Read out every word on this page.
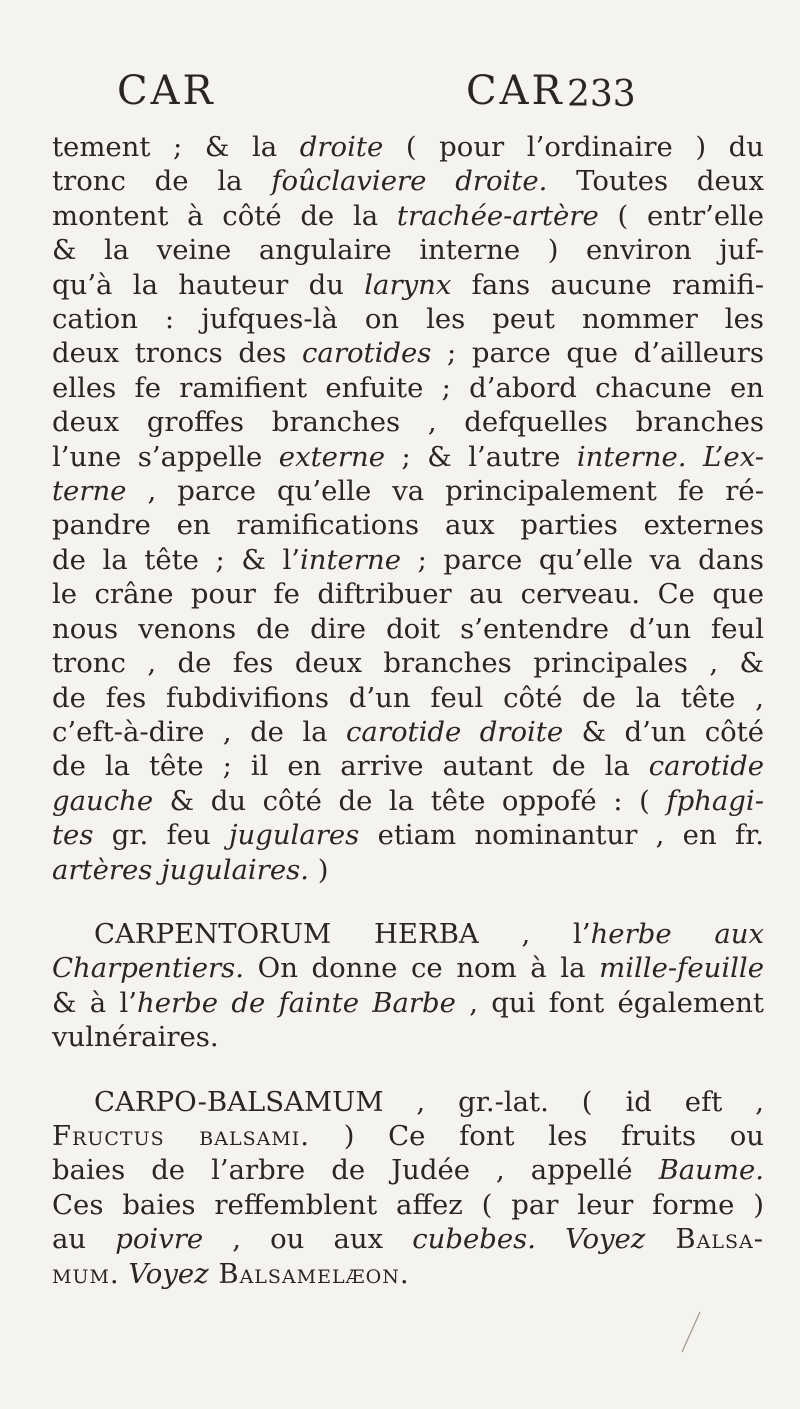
CAR	CAR 233
tement ; & la droite ( pour l’ordinaire ) du
tronc de la foûclaviere droite. Toutes deux
montent à côté de la trachée-artère ( entr’elle
& la veine angulaire interne ) environ juf-
qu’à la hauteur du larynx fans aucune ramifi-
cation : jufques-là on les peut nommer les
deux troncs des carotides ; parce que d’ailleurs
elles fe ramifient enfuite ; d’abord chacune en
deux groffes branches , defquelles branches
l’une s’appelle externe ; & l’autre interne. L’ex-
terne , parce qu’elle va principalement fe ré-
pandre en ramifications aux parties externes
de la tête ; & l’interne ; parce qu’elle va dans
le crâne pour fe diftribuer au cerveau. Ce que
nous venons de dire doit s’entendre d’un feul
tronc , de fes deux branches principales , &
de fes fubdivifions d’un feul côté de la tête ,
c’eft-à-dire , de la carotide droite & d’un côté
de la tête ; il en arrive autant de la carotide
gauche & du côté de la tête oppofé : ( fphagi-
tes gr. feu jugulares etiam nominantur , en fr.
artères jugulaires. )
CARPENTORUM HERBA , l’herbe aux
Charpentiers. On donne ce nom à la mille-feuille
& à l’herbe de fainte Barbe , qui font également
vulnéraires.
CARPO-BALSAMUM , gr.-lat. ( id eft ,
Fructus balsami. ) Ce font les fruits ou
baies de l’arbre de Judée , appellé Baume.
Ces baies reffemblent affez ( par leur forme )
au poivre , ou aux cubebes. Voyez Balsa-
mum. Voyez Balsamelæon.
